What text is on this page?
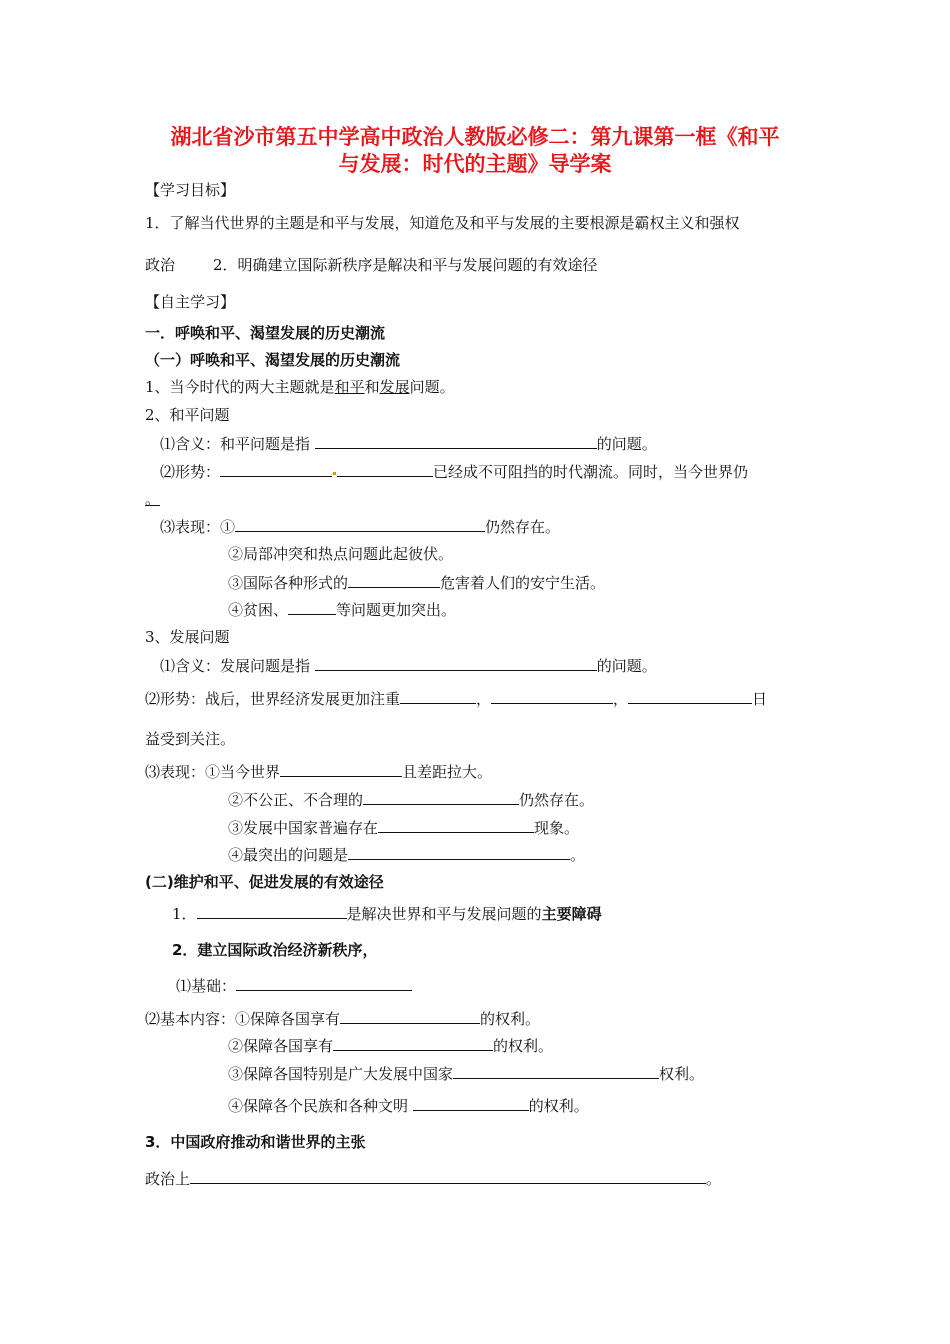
湖北省沙市第五中学高中政治人教版必修二：第九课第一框《和平
与发展：时代的主题》导学案
【学习目标】
1．了解当代世界的主题是和平与发展，知道危及和平与发展的主要根源是霸权主义和强权
政治	2．明确建立国际新秩序是解决和平与发展问题的有效途径
【自主学习】
一．呼唤和平、渴望发展的历史潮流
（一）呼唤和平、渴望发展的历史潮流
1、当今时代的两大主题就是和平和发展问题。
2、和平问题
⑴含义：和平问题是指	的问题。
⑵形势：	已经成不可阻挡的时代潮流。同时，当今世界仍
。
⑶表现：①	仍然存在。
②局部冲突和热点问题此起彼伏。
③国际各种形式的	危害着人们的安宁生活。
④贫困、	等问题更加突出。
3、发展问题
⑴含义：发展问题是指	的问题。
⑵形势：战后，世界经济发展更加注重	，	，	日
益受到关注。
⑶表现：①当今世界	且差距拉大。
②不公正、不合理的	仍然存在。
③发展中国家普遍存在	现象。
④最突出的问题是	。
(二)维护和平、促进发展的有效途径
1．	是解决世界和平与发展问题的主要障碍
2．建立国际政治经济新秩序，
⑴基础：
⑵基本内容：①保障各国享有	的权利。
②保障各国享有	的权利。
③保障各国特别是广大发展中国家	权利。
④保障各个民族和各种文明	的权利。
3．中国政府推动和谐世界的主张
政治上	。
